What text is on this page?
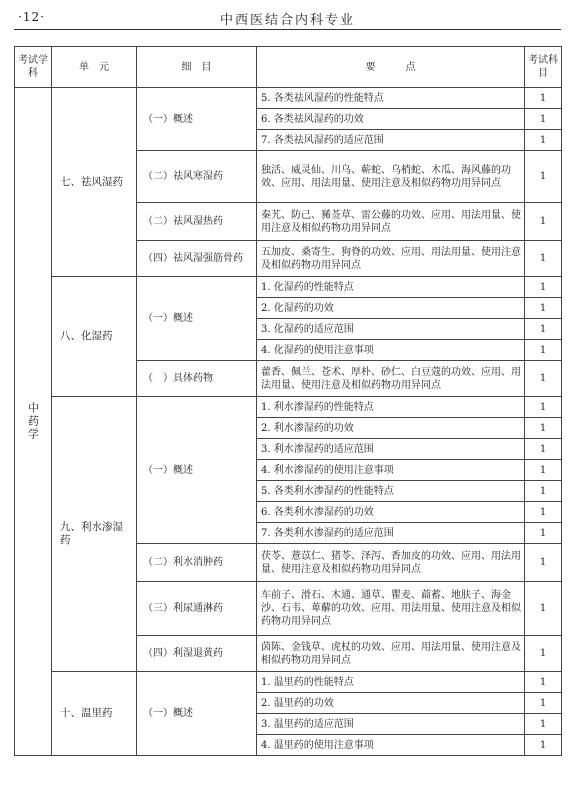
·12·	中西医结合内科专业
考试学科	单　元	细　目	要　　　点	考试科目
中药学	七、祛风湿药	（一）概述	5. 各类祛风湿药的性能特点	1
			6. 各类祛风湿药的功效	1
			7. 各类祛风湿药的适应范围	1
		（二）祛风寒湿药	独活、威灵仙、川乌、蕲蛇、乌梢蛇、木瓜、海风藤的功效、应用、用法用量、使用注意及相似药物功用异同点	1
		（二）祛风湿热药	秦艽、防己、豨莶草、雷公藤的功效、应用、用法用量、使用注意及相似药物功用异同点	1
		（四）祛风湿强筋骨药	五加皮、桑寄生、狗脊的功效、应用、用法用量、使用注意及相似药物功用异同点	1
	八、化湿药	（一）概述	1. 化湿药的性能特点	1
			2. 化湿药的功效	1
			3. 化湿药的适应范围	1
			4. 化湿药的使用注意事项	1
		（　）具体药物	藿香、佩兰、苍术、厚朴、砂仁、白豆蔻的功效、应用、用法用量、使用注意及相似药物功用异同点	1
	九、利水渗湿药	（一）概述	1. 利水渗湿药的性能特点	1
			2. 利水渗湿药的功效	1
			3. 利水渗湿药的适应范围	1
			4. 利水渗湿药的使用注意事项	1
			5. 各类利水渗湿药的性能特点	1
			6. 各类利水渗湿药的功效	1
			7. 各类利水渗湿药的适应范围	1
		（二）利水消肿药	茯苓、薏苡仁、猪苓、泽泻、香加皮的功效、应用、用法用量、使用注意及相似药物功用异同点	1
		（三）利尿通淋药	车前子、滑石、木通、通草、瞿麦、萹蓄、地肤子、海金沙、石韦、萆薢的功效、应用、用法用量、使用注意及相似药物功用异同点	1
		（四）利湿退黄药	茵陈、金钱草、虎杖的功效、应用、用法用量、使用注意及相似药物功用异同点	1
	十、温里药	（一）概述	1. 温里药的性能特点	1
			2. 温里药的功效	1
			3. 温里药的适应范围	1
			4. 温里药的使用注意事项	1
